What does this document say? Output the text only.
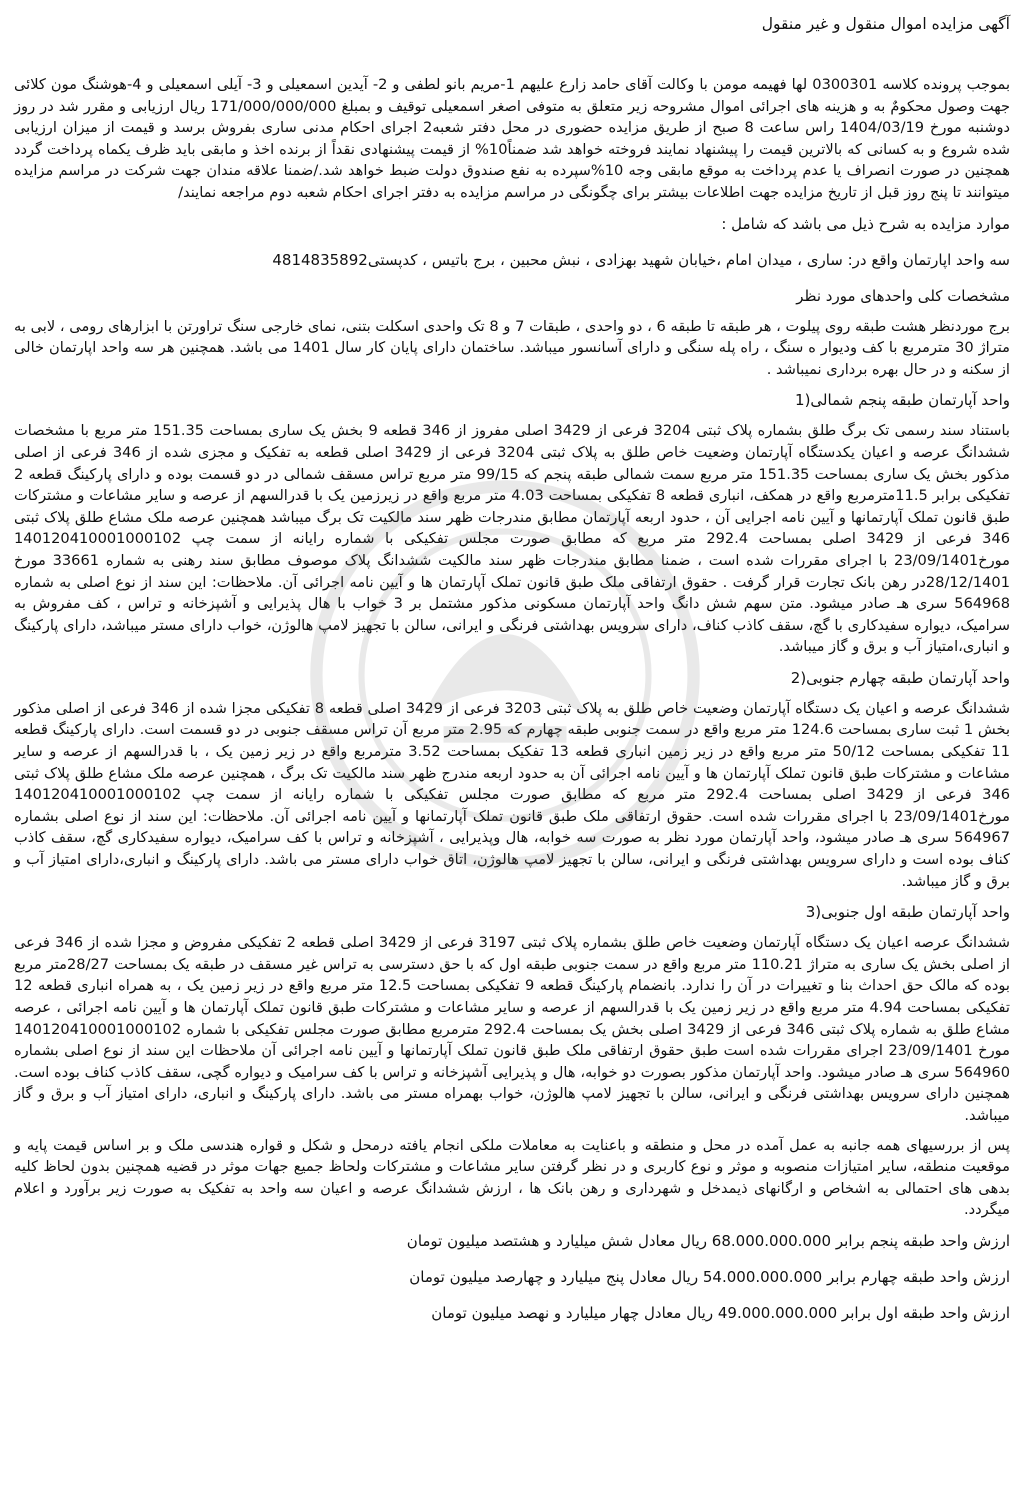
آگهی مزایده اموال منقول و غیر منقول

بموجب پرونده کلاسه 0300301 لها فهیمه مومن با وکالت آقای حامد زارع علیهم 1-مریم بانو لطفی و 2- آیدین اسمعیلی و 3- آیلی اسمعیلی و 4-هوشنگ مون کلائی جهت وصول محکومٌ به و هزینه های اجرائی اموال مشروحه زیر متعلق به متوفی اصغر اسمعیلی توقیف و بمبلغ 171/000/000/000 ریال ارزیابی و مقرر شد در روز دوشنبه مورخ 1404/03/19 راس ساعت 8 صبح از طریق مزایده حضوری در محل دفتر شعبه2 اجرای احکام مدنی ساری بفروش برسد و قیمت از میزان ارزیابی شده شروع و به کسانی که بالاترین قیمت را پیشنهاد نمایند فروخته خواهد شد ضمناً10% از قیمت پیشنهادی نقداً از برنده اخذ و مابقی باید ظرف یکماه پرداخت گردد همچنین در صورت انصراف یا عدم پرداخت به موقع مابقی وجه 10%سپرده به نفع صندوق دولت ضبط خواهد شد./ضمنا علاقه مندان جهت شرکت در مراسم مزایده میتوانند تا پنج روز قبل از تاریخ مزایده جهت اطلاعات بیشتر برای چگونگی در مراسم مزایده به دفتر اجرای احکام شعبه دوم مراجعه نمایند/

موارد مزایده به شرح ذیل می باشد که شامل :

سه واحد اپارتمان واقع در: ساری ، میدان امام ،خیابان شهید بهزادی ، نبش محبین ، برج باتیس ، کدپستی4814835892

مشخصات کلی واحدهای مورد نظر

برج موردنظر هشت طبقه روی پیلوت ، هر طبقه تا طبقه 6 ، دو واحدی ، طبقات 7 و 8 تک واحدی اسکلت بتنی، نمای خارجی سنگ تراورتن با ابزارهای رومی ، لابی به متراژ 30 مترمربع با کف ودیوار ه سنگ ، راه پله سنگی و دارای آسانسور میباشد. ساختمان دارای پایان کار سال 1401 می باشد. همچنین هر سه واحد اپارتمان خالی از سکنه و در حال بهره برداری نمیباشد .

واحد آپارتمان طبقه پنجم شمالی(1

باستناد سند رسمی تک برگ طلق بشماره پلاک ثبتی 3204 فرعی از 3429 اصلی مفروز از 346 قطعه 9 بخش یک ساری بمساحت 151.35 متر مربع با مشخصات ششدانگ عرصه و اعیان یکدستگاه آپارتمان وضعیت خاص طلق به پلاک ثبتی 3204 فرعی از 3429 اصلی قطعه به تفکیک و مجزی شده از 346 فرعی از اصلی مذکور بخش یک ساری بمساحت 151.35 متر مربع سمت شمالی طبقه پنجم که 99/15 متر مربع تراس مسقف شمالی در دو قسمت بوده و دارای پارکینگ قطعه 2 تفکیکی برابر 11.5مترمربع واقع در همکف، انباری قطعه 8 تفکیکی بمساحت 4.03 متر مربع واقع در زیرزمین یک با قدرالسهم از عرصه و سایر مشاعات و مشترکات طبق قانون تملک آپارتمانها و آیین نامه اجرایی آن ، حدود اربعه آپارتمان مطابق مندرجات ظهر سند مالکیت تک برگ میباشد همچنین عرصه ملک مشاع طلق پلاک ثبتی 346 فرعی از 3429 اصلی بمساحت 292.4 متر مربع که مطابق صورت مجلس تفکیکی با شماره رایانه از سمت چپ 140120410001000102 مورخ23/09/1401 با اجرای مقررات شده است ، ضمنا مطابق مندرجات ظهر سند مالکیت ششدانگ پلاک موصوف مطابق سند رهنی به شماره 33661 مورخ 28/12/1401در رهن بانک تجارت قرار گرفت . حقوق ارتفاقی ملک طبق قانون تملک آپارتمان ها و آیین نامه اجرائی آن. ملاحظات: این سند از نوع اصلی به شماره 564968 سری هـ صادر میشود. متن سهم شش دانگ واحد آپارتمان مسکونی مذکور مشتمل بر 3 خواب با هال پذیرایی و آشپزخانه و تراس ، کف مفروش به سرامیک، دیواره سفیدکاری با گچ، سقف کاذب کناف، دارای سرویس بهداشتی فرنگی و ایرانی، سالن با تجهیز لامپ هالوژن، خواب دارای مستر میباشد، دارای پارکینگ و انباری،امتیاز آب و برق و گاز میباشد.

واحد آپارتمان طبقه چهارم جنوبی(2

ششدانگ عرصه و اعیان یک دستگاه آپارتمان وضعیت خاص طلق به پلاک ثبتی 3203 فرعی از 3429 اصلی قطعه 8 تفکیکی مجزا شده از 346 فرعی از اصلی مذکور بخش 1 ثبت ساری بمساحت 124.6 متر مربع واقع در سمت جنوبی طبقه چهارم که 2.95 متر مربع آن تراس مسقف جنوبی در دو قسمت است. دارای پارکینگ قطعه 11 تفکیکی بمساحت 50/12 متر مربع واقع در زیر زمین انباری قطعه 13 تفکیک بمساحت 3.52 مترمربع واقع در زیر زمین یک ، با قدرالسهم از عرصه و سایر مشاعات و مشترکات طبق قانون تملک آپارتمان ها و آیین نامه اجرائی آن به حدود اربعه مندرج ظهر سند مالکیت تک برگ ، همچنین عرصه ملک مشاع طلق پلاک ثبتی 346 فرعی از 3429 اصلی بمساحت 292.4 متر مربع که مطابق صورت مجلس تفکیکی با شماره رایانه از سمت چپ 140120410001000102 مورخ23/09/1401 با اجرای مقررات شده است. حقوق ارتفاقی ملک طبق قانون تملک آپارتمانها و آیین نامه اجرائی آن. ملاحظات: این سند از نوع اصلی بشماره 564967 سری هـ صادر میشود، واحد آپارتمان مورد نظر به صورت سه خوابه، هال وپذیرایی ، آشپزخانه و تراس با کف سرامیک، دیواره سفیدکاری گچ، سقف کاذب کناف بوده است و دارای سرویس بهداشتی فرنگی و ایرانی، سالن با تجهیز لامپ هالوژن، اتاق خواب دارای مستر می باشد. دارای پارکینگ و انباری،دارای امتیاز آب و برق و گاز میباشد.

واحد آپارتمان طبقه اول جنوبی(3

ششدانگ عرصه اعیان یک دستگاه آپارتمان وضعیت خاص طلق بشماره پلاک ثبتی 3197 فرعی از 3429 اصلی قطعه 2 تفکیکی مفروض و مجزا شده از 346 فرعی از اصلی بخش یک ساری به متراژ 110.21 متر مربع واقع در سمت جنوبی طبقه اول که با حق دسترسی به تراس غیر مسقف در طبقه یک بمساحت 28/27متر مربع بوده که مالک حق احداث بنا و تغییرات در آن را ندارد. بانضمام پارکینگ قطعه 9 تفکیکی بمساحت 12.5 متر مربع واقع در زیر زمین یک ، به همراه انباری قطعه 12 تفکیکی بمساحت 4.94 متر مربع واقع در زیر زمین یک با قدرالسهم از عرصه و سایر مشاعات و مشترکات طبق قانون تملک آپارتمان ها و آیین نامه اجرائی ، عرصه مشاع طلق به شماره پلاک ثبتی 346 فرعی از 3429 اصلی بخش یک بمساحت 292.4 مترمربع مطابق صورت مجلس تفکیکی با شماره 140120410001000102 مورخ 23/09/1401 اجرای مقررات شده است طبق حقوق ارتفاقی ملک طبق قانون تملک آپارتمانها و آیین نامه اجرائی آن ملاحظات این سند از نوع اصلی بشماره 564960 سری هـ صادر میشود. واحد آپارتمان مذکور بصورت دو خوابه، هال و پذیرایی آشپزخانه و تراس با کف سرامیک و دیواره گچی، سقف کاذب کناف بوده است. همچنین دارای سرویس بهداشتی فرنگی و ایرانی، سالن با تجهیز لامپ هالوژن، خواب بهمراه مستر می باشد. دارای پارکینگ و انباری، دارای امتیاز آب و برق و گاز میباشد.

پس از بررسیهای همه جانبه به عمل آمده در محل و منطقه و باعنایت به معاملات ملکی انجام یافته درمحل و شکل و قواره هندسی ملک و بر اساس قیمت پایه و موقعیت منطقه، سایر امتیازات منصوبه و موثر و نوع کاربری و در نظر گرفتن سایر مشاعات و مشترکات ولحاظ جمیع جهات موثر در قضیه همچنین بدون لحاظ کلیه بدهی های احتمالی به اشخاص و ارگانهای ذیمدخل و شهرداری و رهن بانک ها ، ارزش ششدانگ عرصه و اعیان سه واحد به تفکیک به صورت زیر برآورد و اعلام میگردد.

ارزش واحد طبقه پنجم برابر 68.000.000.000 ریال معادل شش میلیارد و هشتصد میلیون تومان

ارزش واحد طبقه چهارم برابر 54.000.000.000 ریال معادل پنج میلیارد و چهارصد میلیون تومان

ارزش واحد طبقه اول برابر 49.000.000.000 ریال معادل چهار میلیارد و نهصد میلیون تومان
